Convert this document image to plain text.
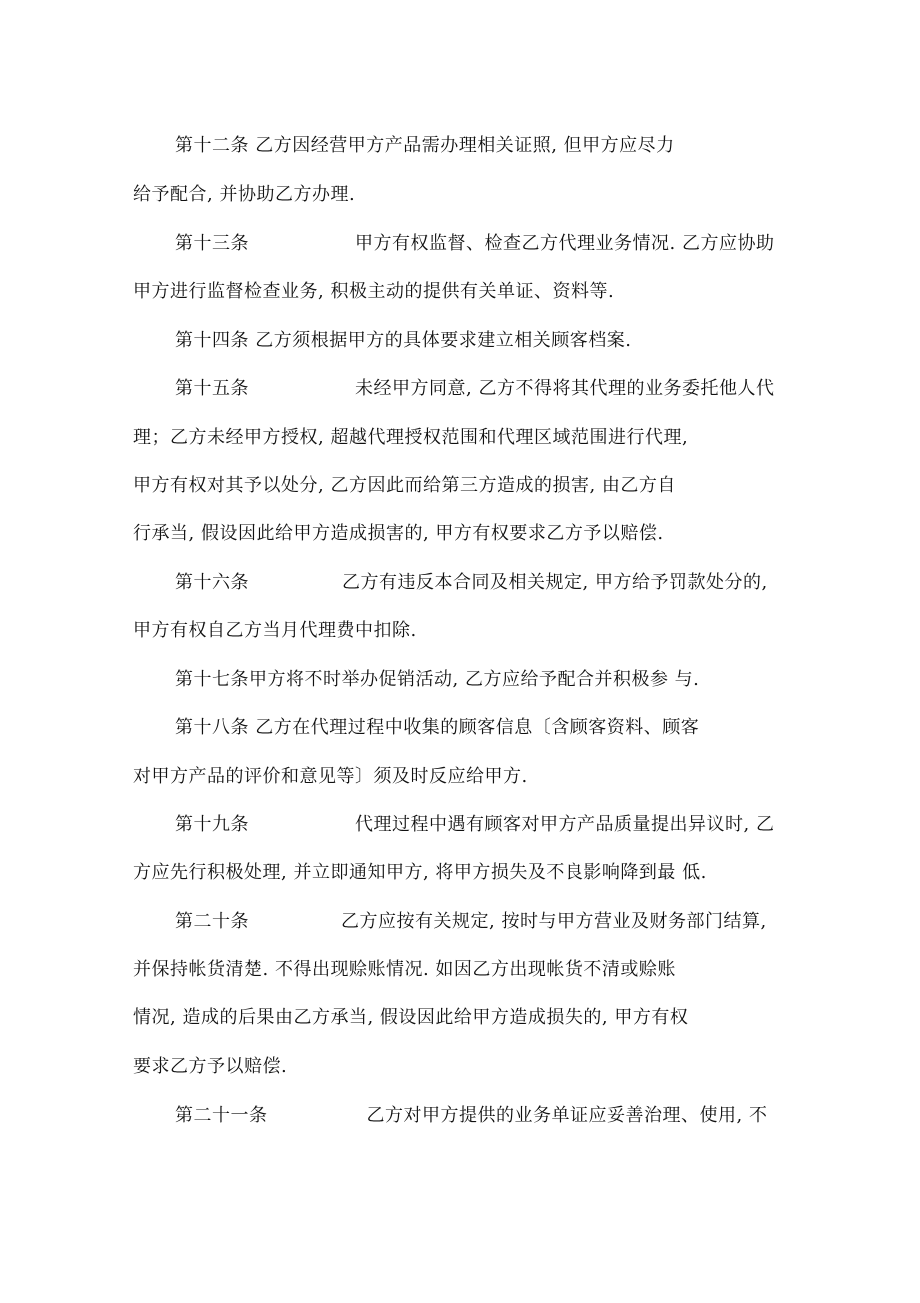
第十二条 乙方因经营甲方产品需办理相关证照, 但甲方应尽力
给予配合, 并协助乙方办理.
第十三条	甲方有权监督、检查乙方代理业务情况. 乙方应协助
甲方进行监督检查业务, 积极主动的提供有关单证、资料等.
第十四条 乙方须根据甲方的具体要求建立相关顾客档案.
第十五条	未经甲方同意, 乙方不得将其代理的业务委托他人代
理；乙方未经甲方授权, 超越代理授权范围和代理区域范围进行代理,
甲方有权对其予以处分, 乙方因此而给第三方造成的损害, 由乙方自
行承当, 假设因此给甲方造成损害的, 甲方有权要求乙方予以赔偿.
第十六条	乙方有违反本合同及相关规定, 甲方给予罚款处分的,
甲方有权自乙方当月代理费中扣除.
第十七条甲方将不时举办促销活动, 乙方应给予配合并积极参 与.
第十八条 乙方在代理过程中收集的顾客信息〔含顾客资料、顾客
对甲方产品的评价和意见等〕须及时反应给甲方.
第十九条	代理过程中遇有顾客对甲方产品质量提出异议时, 乙
方应先行积极处理, 并立即通知甲方, 将甲方损失及不良影响降到最 低.
第二十条	乙方应按有关规定, 按时与甲方营业及财务部门结算,
并保持帐货清楚. 不得出现赊账情况. 如因乙方出现帐货不清或赊账
情况, 造成的后果由乙方承当, 假设因此给甲方造成损失的, 甲方有权
要求乙方予以赔偿.
第二十一条	乙方对甲方提供的业务单证应妥善治理、使用, 不
